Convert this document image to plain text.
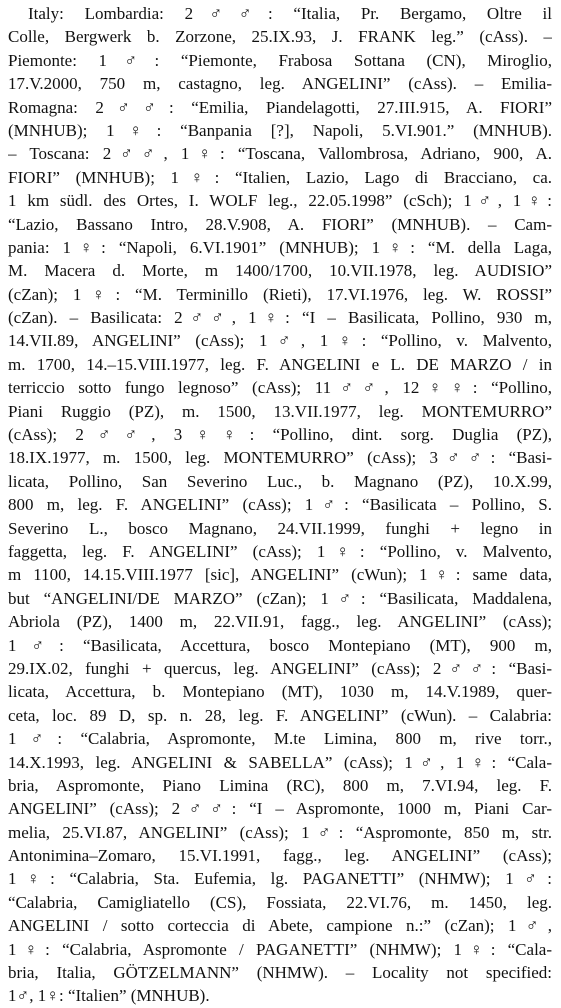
Italy: Lombardia: 2♂♂: “Italia, Pr. Bergamo, Oltre il
Colle, Bergwerk b. Zorzone, 25.IX.93, J. FRANK leg.” (cAss). –
Piemonte: 1♂: “Piemonte, Frabosa Sottana (CN), Miroglio,
17.V.2000, 750 m, castagno, leg. ANGELINI” (cAss). – Emilia-
Romagna: 2♂♂: “Emilia, Piandelagotti, 27.III.915, A. FIORI”
(MNHUB); 1♀: “Banpania [?], Napoli, 5.VI.901.” (MNHUB).
– Toscana: 2♂♂, 1♀: “Toscana, Vallombrosa, Adriano, 900, A.
FIORI” (MNHUB); 1♀: “Italien, Lazio, Lago di Bracciano, ca.
1 km südl. des Ortes, I. WOLF leg., 22.05.1998” (cSch); 1♂, 1♀:
“Lazio, Bassano Intro, 28.V.908, A. FIORI” (MNHUB). – Cam-
pania: 1♀: “Napoli, 6.VI.1901” (MNHUB); 1♀: “M. della Laga,
M. Macera d. Morte, m 1400/1700, 10.VII.1978, leg. AUDISIO”
(cZan); 1♀: “M. Terminillo (Rieti), 17.VI.1976, leg. W. ROSSI”
(cZan). – Basilicata: 2♂♂, 1♀: “I – Basilicata, Pollino, 930 m,
14.VII.89, ANGELINI” (cAss); 1♂, 1♀: “Pollino, v. Malvento,
m. 1700, 14.–15.VIII.1977, leg. F. ANGELINI e L. DE MARZO / in
terriccio sotto fungo legnoso” (cAss); 11♂♂, 12♀♀: “Pollino,
Piani Ruggio (PZ), m. 1500, 13.VII.1977, leg. MONTEMURRO”
(cAss); 2♂♂, 3♀♀: “Pollino, dint. sorg. Duglia (PZ),
18.IX.1977, m. 1500, leg. MONTEMURRO” (cAss); 3♂♂: “Basi-
licata, Pollino, San Severino Luc., b. Magnano (PZ), 10.X.99,
800 m, leg. F. ANGELINI” (cAss); 1♂: “Basilicata – Pollino, S.
Severino L., bosco Magnano, 24.VII.1999, funghi + legno in
faggetta, leg. F. ANGELINI” (cAss); 1♀: “Pollino, v. Malvento,
m 1100, 14.15.VIII.1977 [sic], ANGELINI” (cWun); 1♀: same data,
but “ANGELINI/DE MARZO” (cZan); 1♂: “Basilicata, Maddalena,
Abriola (PZ), 1400 m, 22.VII.91, fagg., leg. ANGELINI” (cAss);
1♂: “Basilicata, Accettura, bosco Montepiano (MT), 900 m,
29.IX.02, funghi + quercus, leg. ANGELINI” (cAss); 2♂♂: “Basi-
licata, Accettura, b. Montepiano (MT), 1030 m, 14.V.1989, quer-
ceta, loc. 89 D, sp. n. 28, leg. F. ANGELINI” (cWun). – Calabria:
1♂: “Calabria, Aspromonte, M.te Limina, 800 m, rive torr.,
14.X.1993, leg. ANGELINI & SABELLA” (cAss); 1♂, 1♀: “Cala-
bria, Aspromonte, Piano Limina (RC), 800 m, 7.VI.94, leg. F.
ANGELINI” (cAss); 2♂♂: “I – Aspromonte, 1000 m, Piani Car-
melia, 25.VI.87, ANGELINI” (cAss); 1♂: “Aspromonte, 850 m, str.
Antonimina–Zomaro, 15.VI.1991, fagg., leg. ANGELINI” (cAss);
1♀: “Calabria, Sta. Eufemia, lg. PAGANETTI” (NHMW); 1♂:
“Calabria, Camigliatello (CS), Fossiata, 22.VI.76, m. 1450, leg.
ANGELINI / sotto corteccia di Abete, campione n.:” (cZan); 1♂,
1♀: “Calabria, Aspromonte / PAGANETTI” (NHMW); 1♀: “Cala-
bria, Italia, GÖTZELMANN” (NHMW). – Locality not specified:
1♂, 1♀: “Italien” (MNHUB).
